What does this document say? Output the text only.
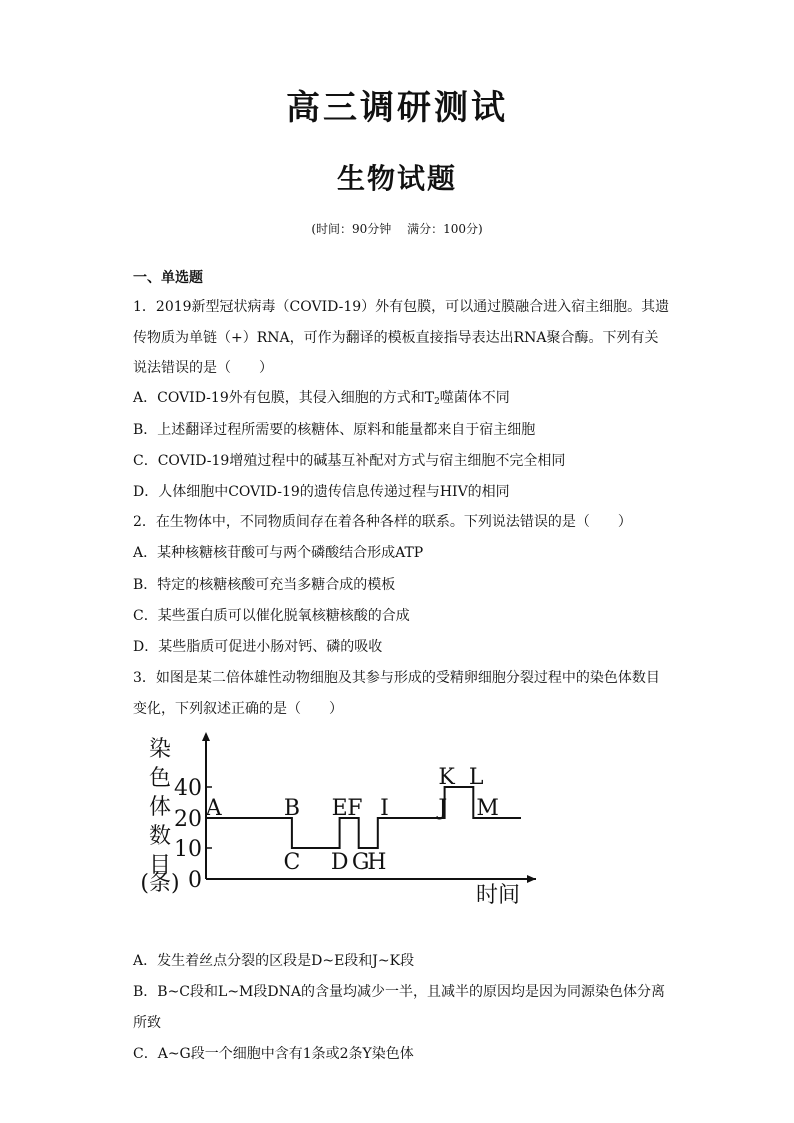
高三调研测试
生物试题
(时间：90分钟 满分：100分)
一、单选题
1．2019新型冠状病毒（COVID-19）外有包膜，可以通过膜融合进入宿主细胞。其遗
传物质为单链（+）RNA，可作为翻译的模板直接指导表达出RNA聚合酶。下列有关
说法错误的是（　　）
A．COVID-19外有包膜，其侵入细胞的方式和$T_2$噬菌体不同
B．上述翻译过程所需要的核糖体、原料和能量都来自于宿主细胞
C．COVID-19增殖过程中的碱基互补配对方式与宿主细胞不完全相同
D．人体细胞中COVID-19的遗传信息传递过程与HIV的相同
2．在生物体中，不同物质间存在着各种各样的联系。下列说法错误的是（　　）
A．某种核糖核苷酸可与两个磷酸结合形成ATP
B．特定的核糖核酸可充当多糖合成的模板
C．某些蛋白质可以催化脱氧核糖核酸的合成
D．某些脂质可促进小肠对钙、磷的吸收
3．如图是某二倍体雄性动物细胞及其参与形成的受精卵细胞分裂过程中的染色体数目
变化，下列叙述正确的是（　　）
染
色
体
数
目
(条) 0
10
20
40
A	B
C D
E F
G
H
I J
K L
M
时间
A．发生着丝点分裂的区段是D~E段和J~K段
B．B~C段和L~M段DNA的含量均减少一半，且减半的原因均是因为同源染色体分离
所致
C．A~G段一个细胞中含有1条或2条Y染色体
